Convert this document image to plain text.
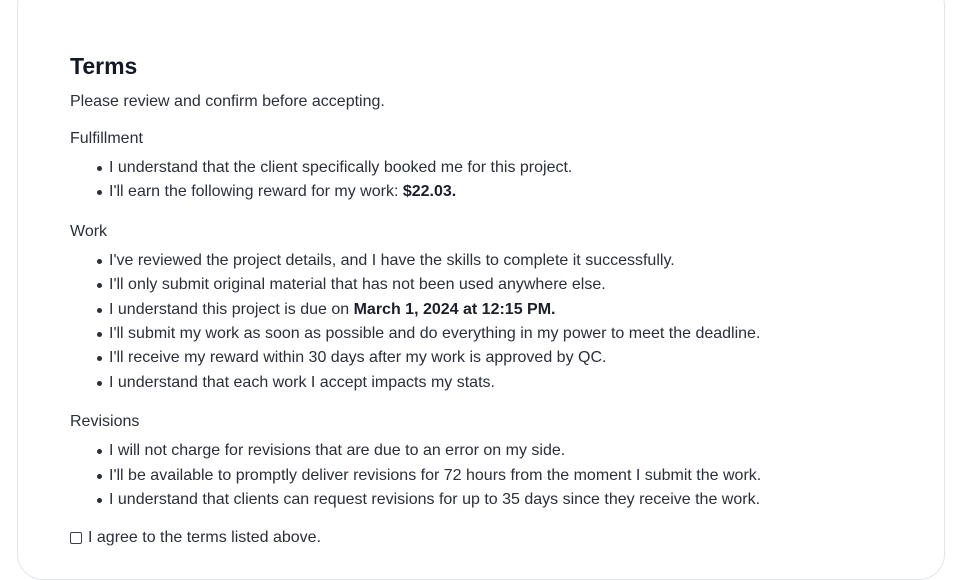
Terms
Please review and confirm before accepting.
Fulfillment
I understand that the client specifically booked me for this project.
I'll earn the following reward for my work: $22.03.
Work
I've reviewed the project details, and I have the skills to complete it successfully.
I'll only submit original material that has not been used anywhere else.
I understand this project is due on March 1, 2024 at 12:15 PM.
I'll submit my work as soon as possible and do everything in my power to meet the deadline.
I'll receive my reward within 30 days after my work is approved by QC.
I understand that each work I accept impacts my stats.
Revisions
I will not charge for revisions that are due to an error on my side.
I'll be available to promptly deliver revisions for 72 hours from the moment I submit the work.
I understand that clients can request revisions for up to 35 days since they receive the work.
I agree to the terms listed above.
